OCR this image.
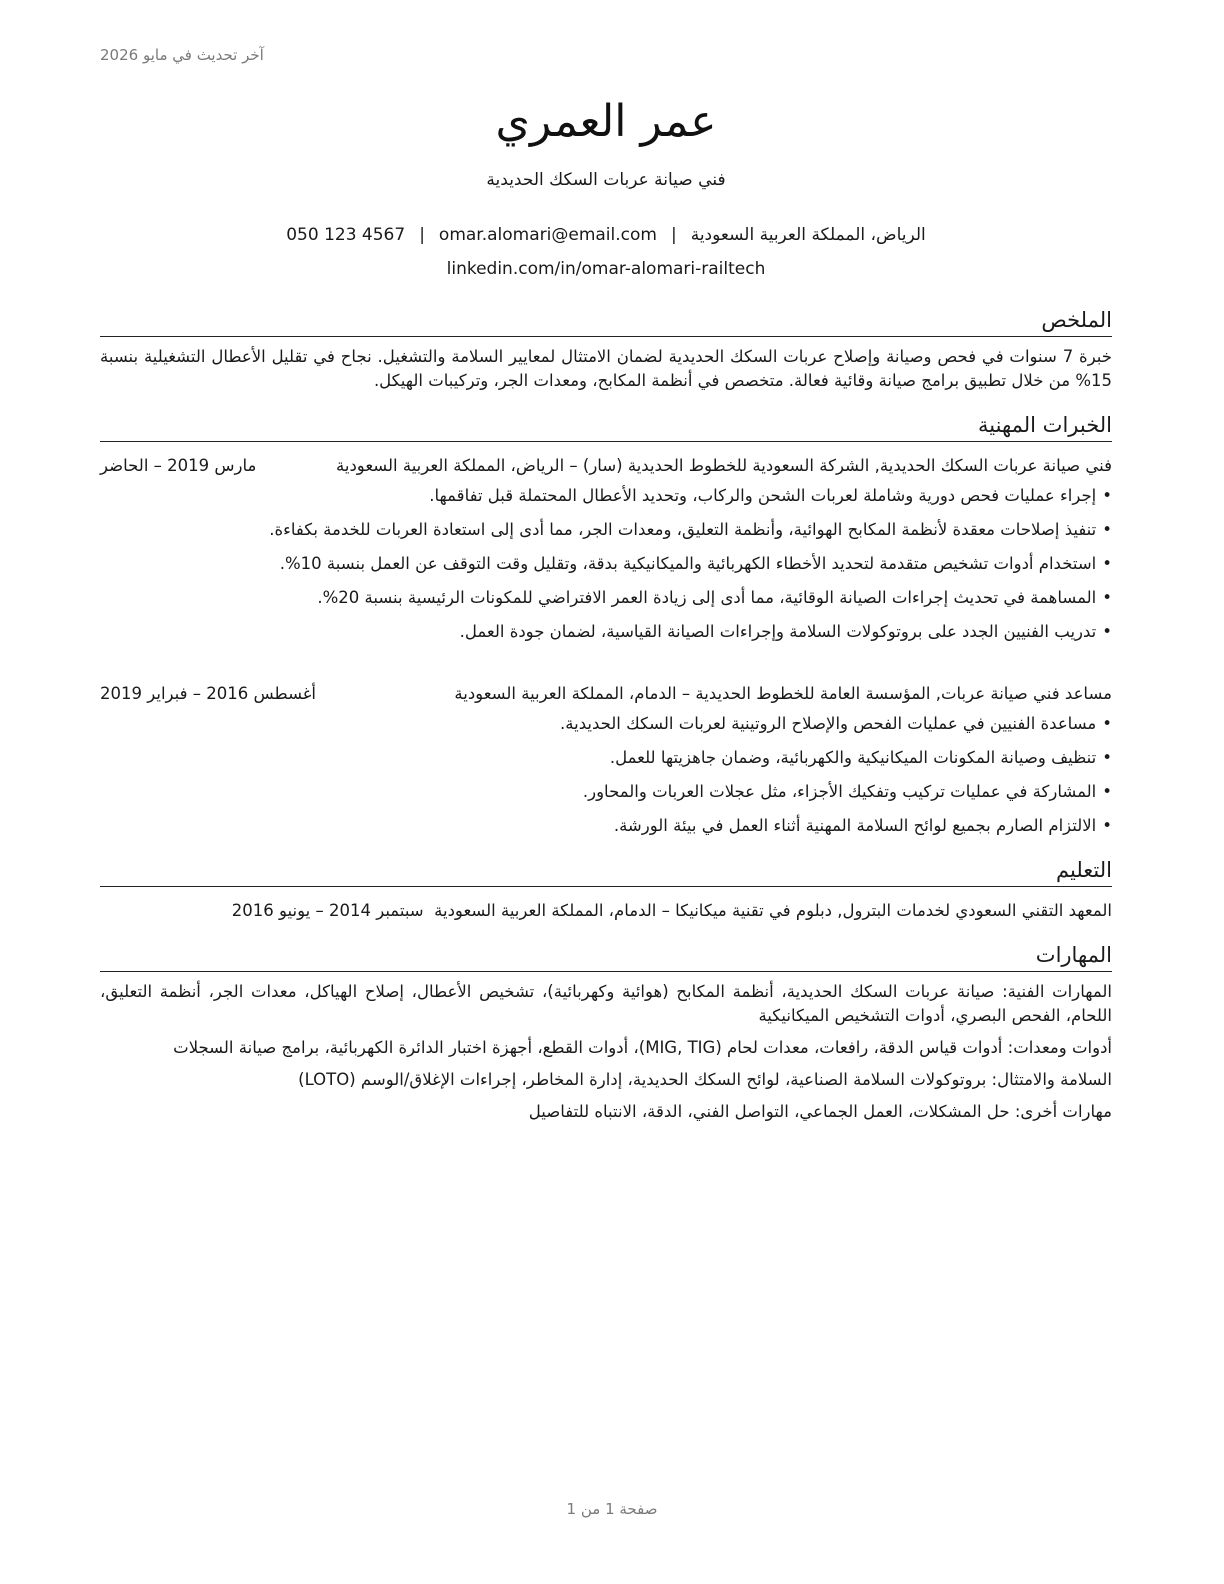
آخر تحديث في مايو 2026
عمر العمري
فني صيانة عربات السكك الحديدية
الرياض، المملكة العربية السعودية|omar.alomari@email.com|050 123 4567
linkedin.com/in/omar-alomari-railtech
الملخص

خبرة 7 سنوات في فحص وصيانة وإصلاح عربات السكك الحديدية لضمان الامتثال لمعايير السلامة والتشغيل. نجاح في تقليل الأعطال التشغيلية بنسبة 15% من خلال تطبيق برامج صيانة وقائية فعالة. متخصص في أنظمة المكابح، ومعدات الجر، وتركيبات الهيكل.

الخبرات المهنية
فني صيانة عربات السكك الحديدية, الشركة السعودية للخطوط الحديدية (سار) – الرياض، المملكة العربية السعودية
مارس 2019 – الحاضر
•إجراء عمليات فحص دورية وشاملة لعربات الشحن والركاب، وتحديد الأعطال المحتملة قبل تفاقمها.
•تنفيذ إصلاحات معقدة لأنظمة المكابح الهوائية، وأنظمة التعليق، ومعدات الجر، مما أدى إلى استعادة العربات للخدمة بكفاءة.
•استخدام أدوات تشخيص متقدمة لتحديد الأخطاء الكهربائية والميكانيكية بدقة، وتقليل وقت التوقف عن العمل بنسبة 10%.
•المساهمة في تحديث إجراءات الصيانة الوقائية، مما أدى إلى زيادة العمر الافتراضي للمكونات الرئيسية بنسبة 20%.
•تدريب الفنيين الجدد على بروتوكولات السلامة وإجراءات الصيانة القياسية، لضمان جودة العمل.
مساعد فني صيانة عربات, المؤسسة العامة للخطوط الحديدية – الدمام، المملكة العربية السعودية
أغسطس 2016 – فبراير 2019
•مساعدة الفنيين في عمليات الفحص والإصلاح الروتينية لعربات السكك الحديدية.
•تنظيف وصيانة المكونات الميكانيكية والكهربائية، وضمان جاهزيتها للعمل.
•المشاركة في عمليات تركيب وتفكيك الأجزاء، مثل عجلات العربات والمحاور.
•الالتزام الصارم بجميع لوائح السلامة المهنية أثناء العمل في بيئة الورشة.
التعليم
المعهد التقني السعودي لخدمات البترول, دبلوم في تقنية ميكانيكا – الدمام، المملكة العربية السعودية  سبتمبر 2014 – يونيو 2016
المهارات
المهارات الفنية: صيانة عربات السكك الحديدية، أنظمة المكابح (هوائية وكهربائية)، تشخيص الأعطال، إصلاح الهياكل، معدات الجر، أنظمة التعليق، اللحام، الفحص البصري، أدوات التشخيص الميكانيكية
أدوات ومعدات: أدوات قياس الدقة، رافعات، معدات لحام (MIG, TIG)، أدوات القطع، أجهزة اختبار الدائرة الكهربائية، برامج صيانة السجلات
السلامة والامتثال: بروتوكولات السلامة الصناعية، لوائح السكك الحديدية، إدارة المخاطر، إجراءات الإغلاق/الوسم (LOTO)
مهارات أخرى: حل المشكلات، العمل الجماعي، التواصل الفني، الدقة، الانتباه للتفاصيل
صفحة 1 من 1
